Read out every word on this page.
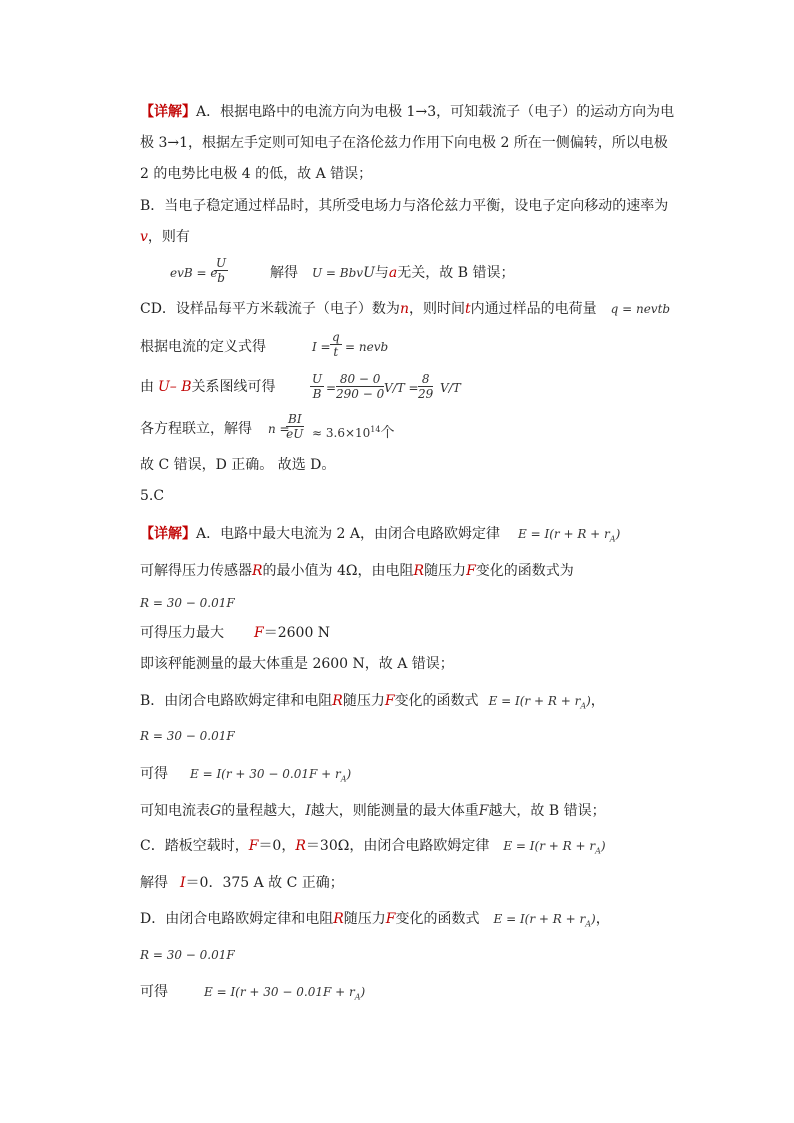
【详解】A．根据电路中的电流方向为电极 1→3，可知载流子（电子）的运动方向为电
极 3→1，根据左手定则可知电子在洛伦兹力作用下向电极 2 所在一侧偏转，所以电极
2 的电势比电极 4 的低，故 A 错误；
B．当电子稳定通过样品时，其所受电场力与洛伦兹力平衡，设电子定向移动的速率为
v，则有
evB = e
$\frac{U}{b}$	解得 U = BbvU与a无关，故 B 错误；
CD．设样品每平方米载流子（电子）数为n，则时间t内通过样品的电荷量 q = nevtb
根据电流的定义式得	$I = \frac{q}{t}$ = nevb
由 U– B关系图线可得	$\frac{U}{B} = \frac{80 - 0}{290 - 0} V/T = \frac{8}{29} V/T$
各方程联立，解得 n =
$\frac{BI}{eU} \approx 3.6\times 10^{14}$个
故 C 错误，D 正确。 故选 D。
5.C
【详解】A．电路中最大电流为 2 A，由闭合电路欧姆定律 $E = I(r + R + r_A)$
可解得压力传感器R的最小值为 4Ω，由电阻R随压力F变化的函数式为
R = 30 − 0.01F
可得压力最大 F＝2600 N
即该秤能测量的最大体重是 2600 N，故 A 错误；
B．由闭合电路欧姆定律和电阻R随压力F变化的函数式 $E = I(r + R + r_A)$，
R = 30 − 0.01F
可得 $E = I(r + 30 - 0.01F + r_A)$
可知电流表G的量程越大，I越大，则能测量的最大体重F越大，故 B 错误；
C．踏板空载时，F＝0，R＝30Ω，由闭合电路欧姆定律 $E = I(r + R + r_A)$
解得 I＝0．375 A 故 C 正确；
D．由闭合电路欧姆定律和电阻R随压力F变化的函数式 $E = I(r + R + r_A)$，
R = 30 − 0.01F
可得	$E = I(r + 30 - 0.01F + r_A)$
